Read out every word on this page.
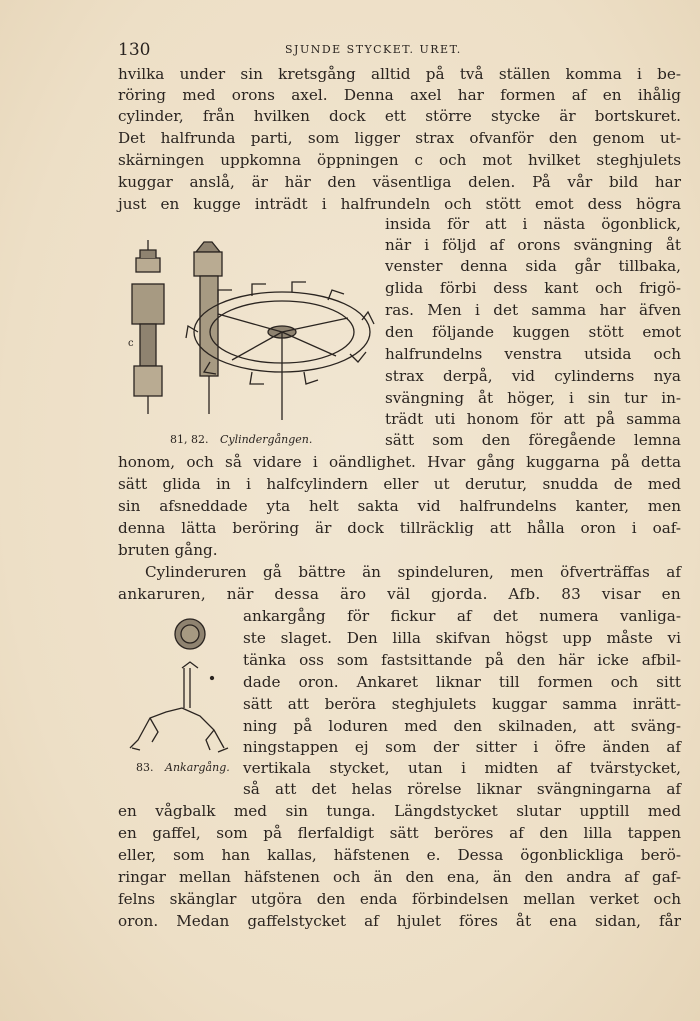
130	SJUNDE STYCKET. URET.
hvilka under sin kretsgång alltid på två ställen komma i be-
röring med orons axel. Denna axel har formen af en ihålig
cylinder, från hvilken dock ett större stycke är bortskuret.
Det halfrunda parti, som ligger strax ofvanför den genom ut-
skärningen uppkomna öppningen c och mot hvilket steghjulets
kuggar anslå, är här den väsentliga delen. På vår bild har
just en kugge inträdt i halfrundeln och stött emot dess högra
c
81, 82. Cylindergången.
insida för att i nästa ögonblick,
när i följd af orons svängning åt
venster denna sida går tillbaka,
glida förbi dess kant och frigö-
ras. Men i det samma har äfven
den följande kuggen stött emot
halfrundelns venstra utsida och
strax derpå, vid cylinderns nya
svängning åt höger, i sin tur in-
trädt uti honom för att på samma
sätt som den föregående lemna
honom, och så vidare i oändlighet. Hvar gång kuggarna på detta
sätt glida in i halfcylindern eller ut derutur, snudda de med
sin afsneddade yta helt sakta vid halfrundelns kanter, men
denna lätta beröring är dock tillräcklig att hålla oron i oaf-
bruten gång.
Cylinderuren gå bättre än spindeluren, men öfverträffas af
ankaruren, när dessa äro väl gjorda. Afb. 83 visar en
83. Ankargång.
ankargång för fickur af det numera vanliga-
ste slaget. Den lilla skifvan högst upp måste vi
tänka oss som fastsittande på den här icke afbil-
dade oron. Ankaret liknar till formen och sitt
sätt att beröra steghjulets kuggar samma inrätt-
ning på loduren med den skilnaden, att sväng-
ningstappen ej som der sitter i öfre änden af
vertikala stycket, utan i midten af tvärstycket,
så att det helas rörelse liknar svängningarna af
en vågbalk med sin tunga. Längdstycket slutar upptill med
en gaffel, som på flerfaldigt sätt beröres af den lilla tappen
eller, som han kallas, häfstenen e. Dessa ögonblickliga berö-
ringar mellan häfstenen och än den ena, än den andra af gaf-
felns skänglar utgöra den enda förbindelsen mellan verket och
oron. Medan gaffelstycket af hjulet föres åt ena sidan, får
